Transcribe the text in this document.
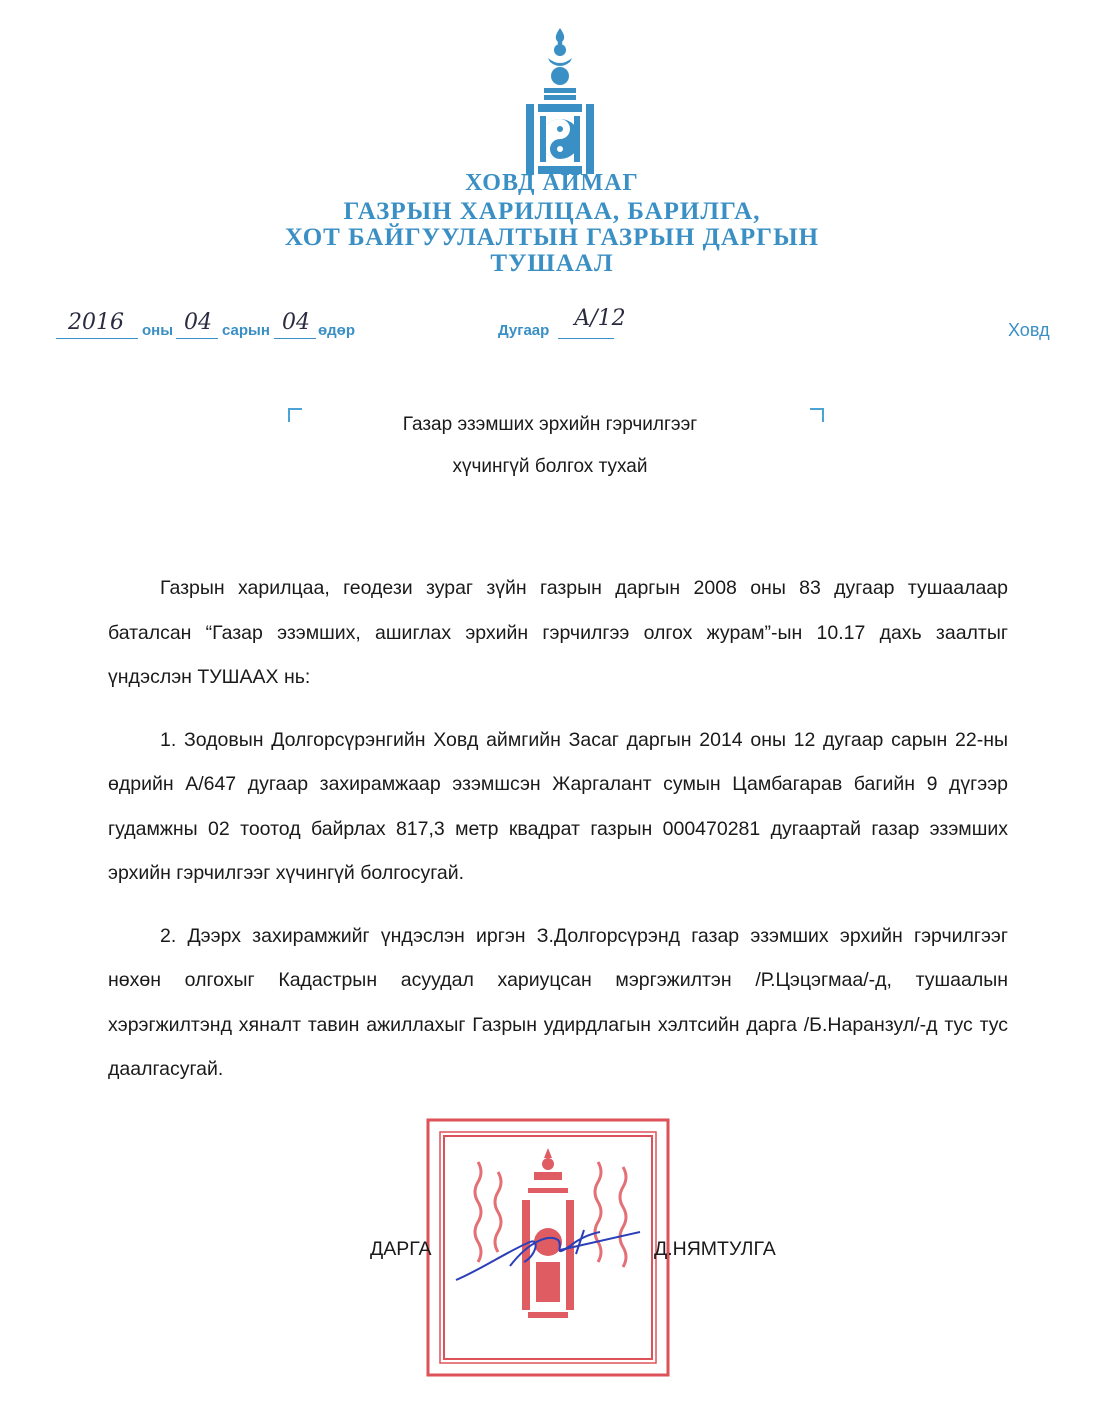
ХОВД АЙМАГ
ГАЗРЫН ХАРИЛЦАА, БАРИЛГА,
ХОТ БАЙГУУЛАЛТЫН ГАЗРЫН ДАРГЫН
ТУШААЛ
2016	оны 04 сарын 04 өдөр	Дугаар	A/12	Ховд
Газар эзэмших эрхийн гэрчилгээг
хүчингүй болгох тухай

Газрын харилцаа, геодези зураг зүйн газрын даргын 2008 оны 83 дугаар тушаалаар баталсан “Газар эзэмших, ашиглах эрхийн гэрчилгээ олгох журам”-ын 10.17 дахь заалтыг үндэслэн ТУШААХ нь:

1. Зодовын Долгорсүрэнгийн Ховд аймгийн Засаг даргын 2014 оны 12 дугаар сарын 22-ны өдрийн А/647 дугаар захирамжаар эзэмшсэн Жаргалант сумын Цамбагарав багийн 9 дүгээр гудамжны 02 тоотод байрлах 817,3 метр квадрат газрын 000470281 дугаартай газар эзэмших эрхийн гэрчилгээг хүчингүй болгосугай.

2. Дээрх захирамжийг үндэслэн иргэн З.Долгорсүрэнд газар эзэмших эрхийн гэрчилгээг нөхөн олгохыг Кадастрын асуудал хариуцсан мэргэжилтэн /Р.Цэцэгмаа/-д, тушаалын хэрэгжилтэнд хяналт тавин ажиллахыг Газрын удирдлагын хэлтсийн дарга /Б.Наранзул/-д тус тус даалгасугай.

ДАРГА	Д.НЯМТУЛГА
